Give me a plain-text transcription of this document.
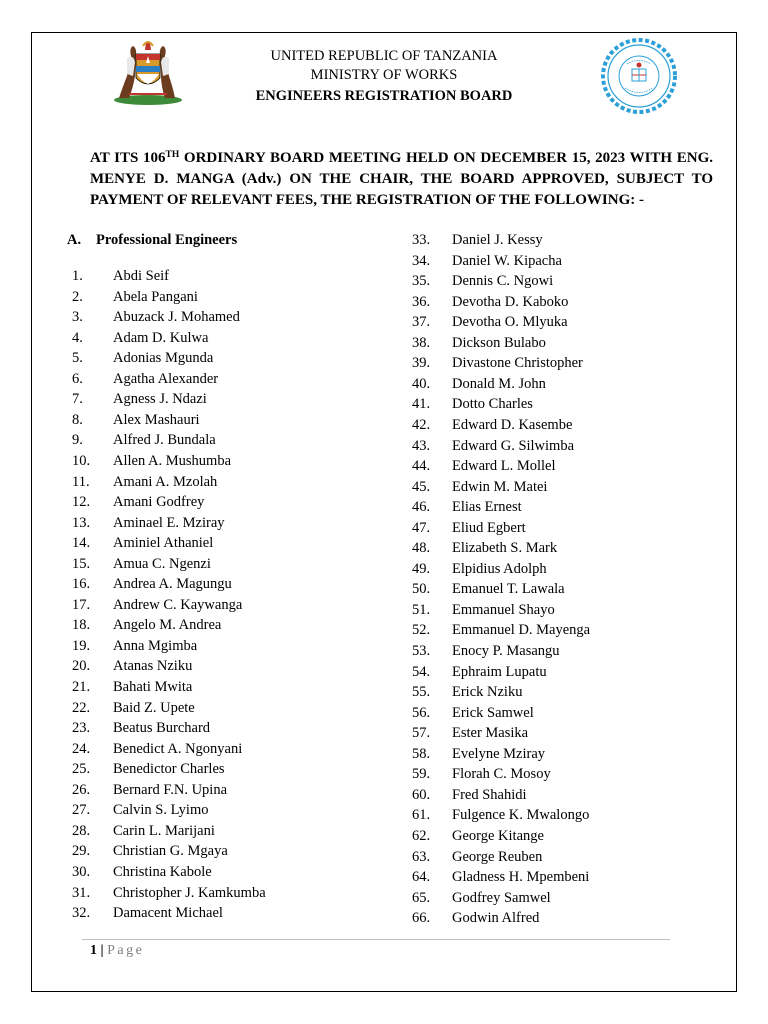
UNITED REPUBLIC OF TANZANIA
MINISTRY OF WORKS
ENGINEERS REGISTRATION BOARD

AT ITS 106TH ORDINARY BOARD MEETING HELD ON DECEMBER 15, 2023 WITH ENG. MENYE D. MANGA (Adv.) ON THE CHAIR, THE BOARD APPROVED, SUBJECT TO PAYMENT OF RELEVANT FEES, THE REGISTRATION OF THE FOLLOWING: -

A. Professional Engineers
1. Abdi Seif
2. Abela Pangani
3. Abuzack J. Mohamed
4. Adam D. Kulwa
5. Adonias Mgunda
6. Agatha Alexander
7. Agness J. Ndazi
8. Alex Mashauri
9. Alfred J. Bundala
10. Allen A. Mushumba
11. Amani A. Mzolah
12. Amani Godfrey
13. Aminael E. Mziray
14. Aminiel Athaniel
15. Amua C. Ngenzi
16. Andrea A. Magungu
17. Andrew C. Kaywanga
18. Angelo M. Andrea
19. Anna Mgimba
20. Atanas Nziku
21. Bahati Mwita
22. Baid Z. Upete
23. Beatus Burchard
24. Benedict A. Ngonyani
25. Benedictor Charles
26. Bernard F.N. Upina
27. Calvin S. Lyimo
28. Carin L. Marijani
29. Christian G. Mgaya
30. Christina Kabole
31. Christopher J. Kamkumba
32. Damacent Michael
33. Daniel J. Kessy
34. Daniel W. Kipacha
35. Dennis C. Ngowi
36. Devotha D. Kaboko
37. Devotha O. Mlyuka
38. Dickson Bulabo
39. Divastone Christopher
40. Donald M. John
41. Dotto Charles
42. Edward D. Kasembe
43. Edward G. Silwimba
44. Edward L. Mollel
45. Edwin M. Matei
46. Elias Ernest
47. Eliud Egbert
48. Elizabeth S. Mark
49. Elpidius Adolph
50. Emanuel T. Lawala
51. Emmanuel Shayo
52. Emmanuel D. Mayenga
53. Enocy P. Masangu
54. Ephraim Lupatu
55. Erick Nziku
56. Erick Samwel
57. Ester Masika
58. Evelyne Mziray
59. Florah C. Mosoy
60. Fred Shahidi
61. Fulgence K. Mwalongo
62. George Kitange
63. George Reuben
64. Gladness H. Mpembeni
65. Godfrey Samwel
66. Godwin Alfred
1 | Page
